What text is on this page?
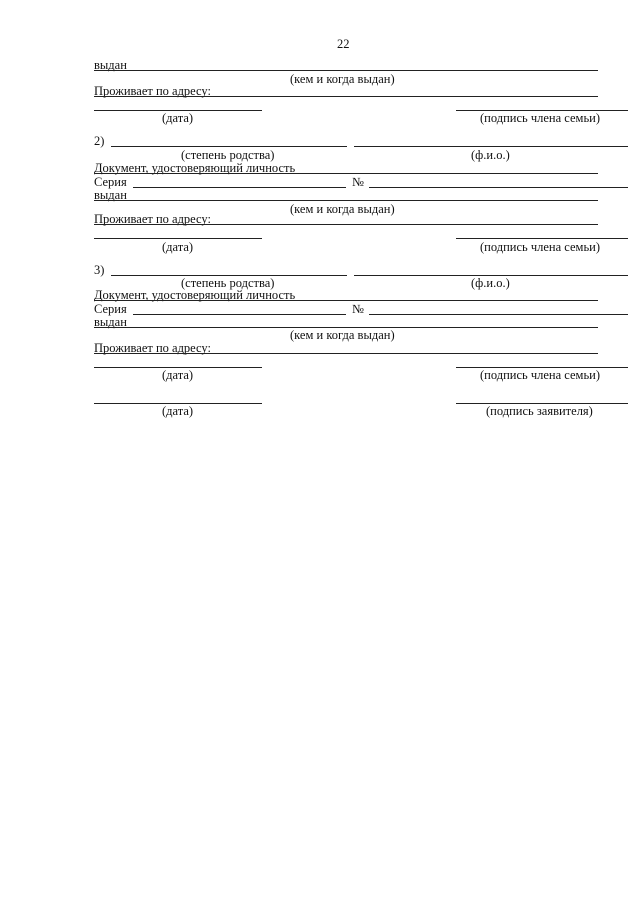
22
выдан
(кем и когда выдан)
Проживает по адресу:
(дата)	(подпись члена семьи)
2)
(степень родства)	(ф.и.о.)
Документ, удостоверяющий личность
Серия	№
выдан
(кем и когда выдан)
Проживает по адресу:
(дата)	(подпись члена семьи)
3)
(степень родства)	(ф.и.о.)
Документ, удостоверяющий личность
Серия	№
выдан
(кем и когда выдан)
Проживает по адресу:
(дата)	(подпись члена семьи)
(дата)	(подпись заявителя)
